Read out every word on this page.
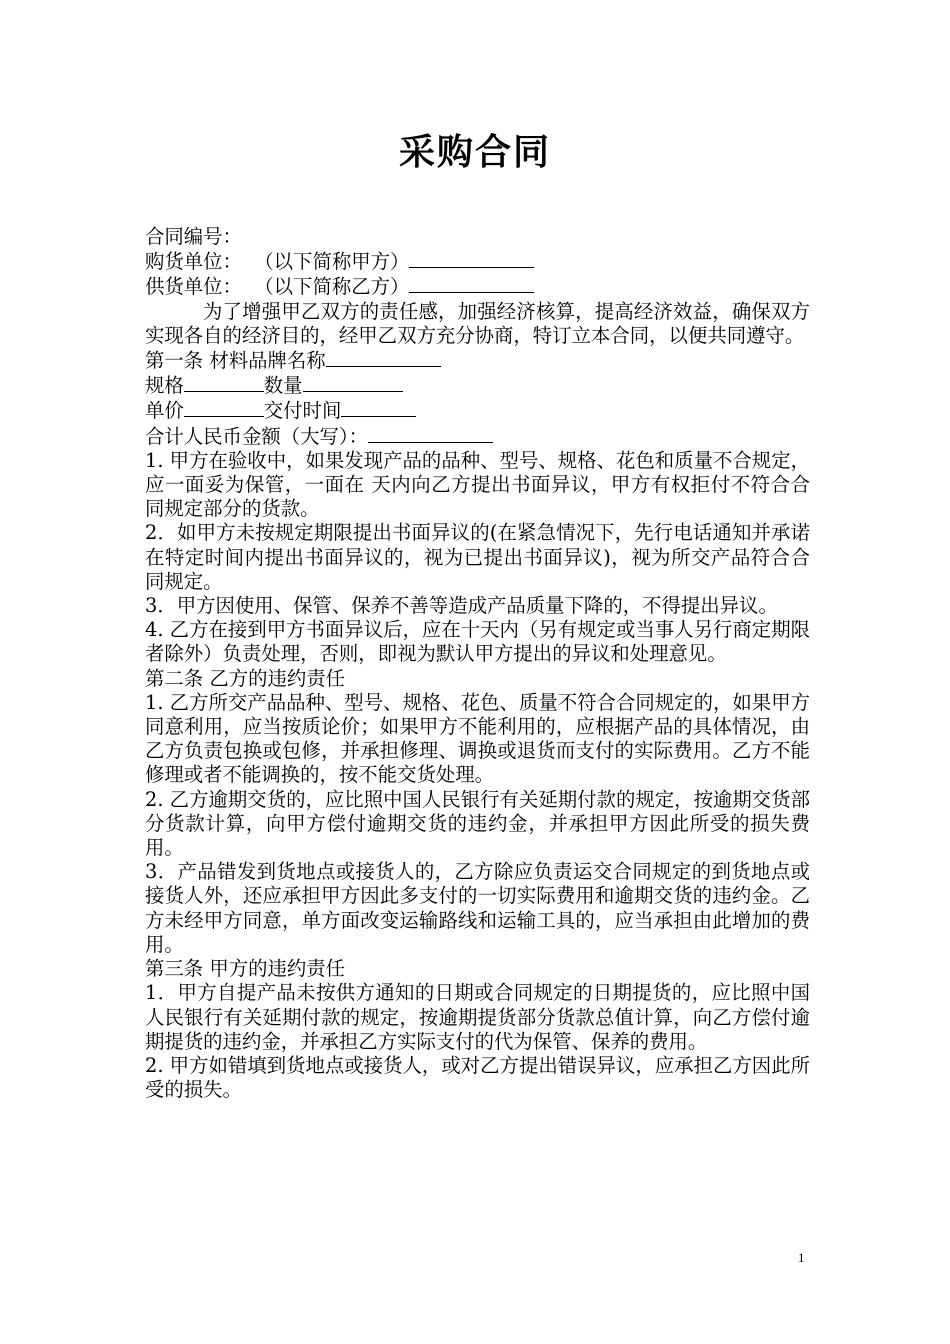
采购合同
合同编号：
购货单位：  （以下简称甲方）
供货单位：  （以下简称乙方）
为了增强甲乙双方的责任感，加强经济核算，提高经济效益，确保双方实现各自的经济目的，经甲乙双方充分协商，特订立本合同，以便共同遵守。
第一条 材料品牌名称
规格	数量
单价	交付时间
合计人民币金额（大写）：
1. 甲方在验收中，如果发现产品的品种、型号、规格、花色和质量不合规定，应一面妥为保管，一面在 天内向乙方提出书面异议，甲方有权拒付不符合合同规定部分的货款。
2．如甲方未按规定期限提出书面异议的(在紧急情况下，先行电话通知并承诺在特定时间内提出书面异议的，视为已提出书面异议)，视为所交产品符合合同规定。
3．甲方因使用、保管、保养不善等造成产品质量下降的，不得提出异议。
4. 乙方在接到甲方书面异议后，应在十天内（另有规定或当事人另行商定期限者除外）负责处理，否则，即视为默认甲方提出的异议和处理意见。
第二条 乙方的违约责任
1. 乙方所交产品品种、型号、规格、花色、质量不符合合同规定的，如果甲方同意利用，应当按质论价；如果甲方不能利用的，应根据产品的具体情况，由乙方负责包换或包修，并承担修理、调换或退货而支付的实际费用。乙方不能修理或者不能调换的，按不能交货处理。
2. 乙方逾期交货的，应比照中国人民银行有关延期付款的规定，按逾期交货部分货款计算，向甲方偿付逾期交货的违约金，并承担甲方因此所受的损失费用。
3．产品错发到货地点或接货人的，乙方除应负责运交合同规定的到货地点或接货人外，还应承担甲方因此多支付的一切实际费用和逾期交货的违约金。乙方未经甲方同意，单方面改变运输路线和运输工具的，应当承担由此增加的费用。
第三条 甲方的违约责任
1．甲方自提产品未按供方通知的日期或合同规定的日期提货的，应比照中国人民银行有关延期付款的规定，按逾期提货部分货款总值计算，向乙方偿付逾期提货的违约金，并承担乙方实际支付的代为保管、保养的费用。
2. 甲方如错填到货地点或接货人，或对乙方提出错误异议，应承担乙方因此所受的损失。
1
